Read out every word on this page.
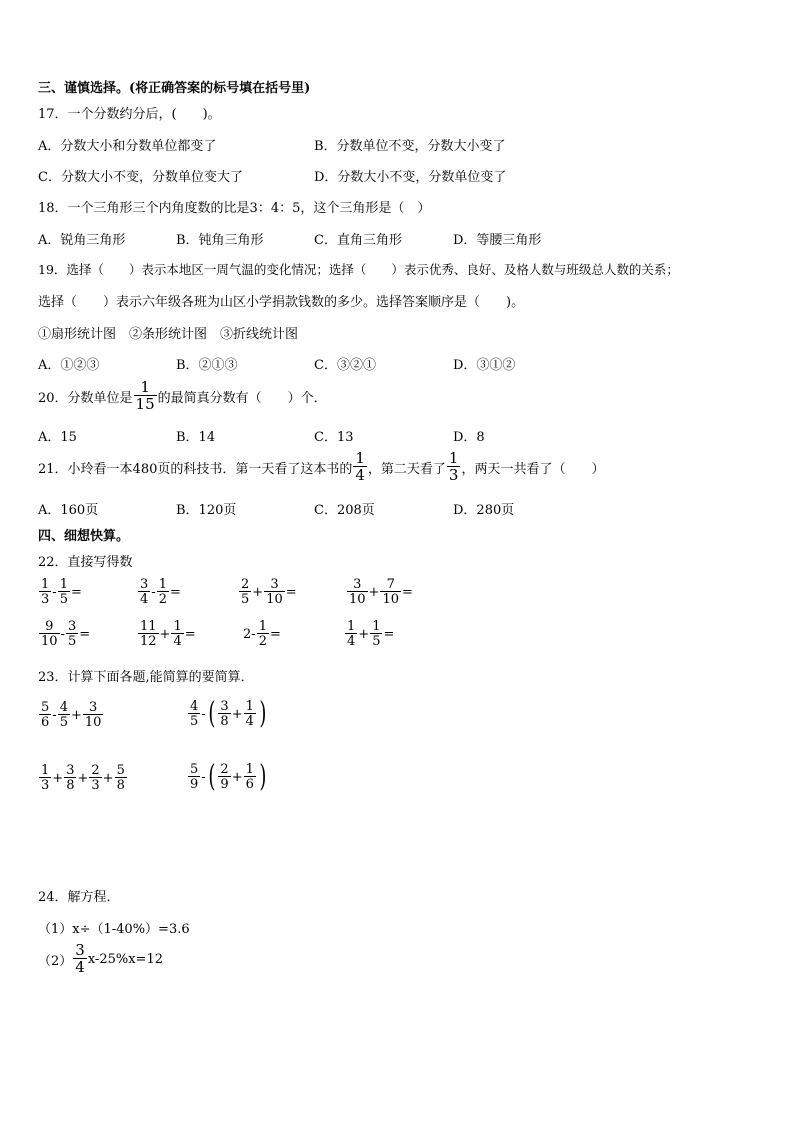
三、谨慎选择。(将正确答案的标号填在括号里)
17．一个分数约分后，(　　)。
A．分数大小和分数单位都变了	B．分数单位不变，分数大小变了
C．分数大小不变，分数单位变大了	D．分数大小不变，分数单位变了
18．一个三角形三个内角度数的比是3：4：5，这个三角形是（　）
A．锐角三角形	B．钝角三角形	C．直角三角形	D．等腰三角形
19．选择（　　）表示本地区一周气温的变化情况；选择（　　）表示优秀、良好、及格人数与班级总人数的关系；
选择（　　）表示六年级各班为山区小学捐款钱数的多少。选择答案顺序是（　　)。
①扇形统计图　②条形统计图　③折线统计图
A．①②③	B．②①③	C．③②①	D．③①②
20．分数单位是 $\frac{1}{15}$ 的最简真分数有（　　）个．
A．15	B．14	C．13	D．8
21．小玲看一本480页的科技书．第一天看了这本书的 $\frac{1}{4}$ ，第二天看了 $\frac{1}{3}$ ，两天一共看了（　　）
A．160页	B．120页	C．208页	D．280页
四、细想快算。
22．直接写得数
$\frac{1}{3} - \frac{1}{5}$ =	$\frac{3}{4} - \frac{1}{2}$ =	$\frac{2}{5} + \frac{3}{10}$ =	$\frac{3}{10} + \frac{7}{10}$ =
$\frac{9}{10} - \frac{3}{5}$ =	$\frac{11}{12} + \frac{1}{4}$ =	$2 - \frac{1}{2}$ =	$\frac{1}{4} + \frac{1}{5}$ =
23．计算下面各题,能简算的要简算．
$\frac{5}{6} - \frac{4}{5} + \frac{3}{10}$	$\frac{4}{5}$ - ( $\frac{3}{8} + \frac{1}{4}$ )
$\frac{1}{3} + \frac{3}{8} + \frac{2}{3} + \frac{5}{8}$	$\frac{5}{9}$ - ( $\frac{2}{9} + \frac{1}{6}$ )
24．解方程．
（1）x÷（1-40%）=3.6
$(2) \frac{3}{4} x-25\%x=12$
